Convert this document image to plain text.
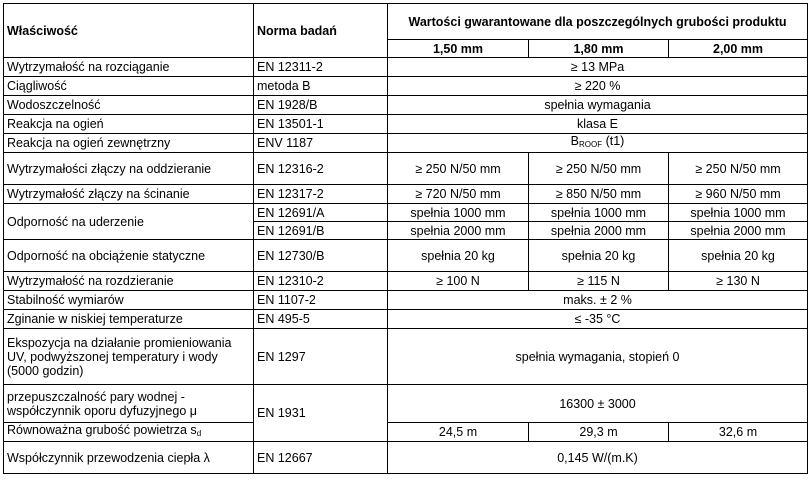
Właściwość	Norma badań	Wartości gwarantowane dla poszczególnych grubości produktu		
		1,50 mm	1,80 mm	2,00 mm
Wytrzymałość na rozciąganie	EN 12311-2	≥ 13 MPa		
Ciągliwość	metoda B	≥ 220 %		
Wodoszczelność	EN 1928/B	spełnia wymagania		
Reakcja na ogień	EN 13501-1	klasa E		
Reakcja na ogień zewnętrzny	ENV 1187	$B_{ROOF}$ (t1)		
Wytrzymałości złączy na oddzieranie	EN 12316-2	≥ 250 N/50 mm	≥ 250 N/50 mm	≥ 250 N/50 mm
Wytrzymałość złączy na ścinanie	EN 12317-2	≥ 720 N/50 mm	≥ 850 N/50 mm	≥ 960 N/50 mm
Odporność na uderzenie	EN 12691/A	spełnia 1000 mm	spełnia 1000 mm	spełnia 1000 mm
	EN 12691/B	spełnia 2000 mm	spełnia 2000 mm	spełnia 2000 mm
Odporność na obciążenie statyczne	EN 12730/B	spełnia 20 kg	spełnia 20 kg	spełnia 20 kg
Wytrzymałość na rozdzieranie	EN 12310-2	≥ 100 N	≥ 115 N	≥ 130 N
Stabilność wymiarów	EN 1107-2	maks. ± 2 %		
Zginanie w niskiej temperaturze	EN 495-5	≤ -35 °C		
Ekspozycja na działanie promieniowania UV, podwyższonej temperatury i wody (5000 godzin)	EN 1297	spełnia wymagania, stopień 0		
przepuszczalność pary wodnej - współczynnik oporu dyfuzyjnego μ	EN 1931	16300 ± 3000		
Równoważna grubość powietrza $s_d$		24,5 m	29,3 m	32,6 m
Współczynnik przewodzenia ciepła λ	EN 12667	0,145 W/(m.K)		
